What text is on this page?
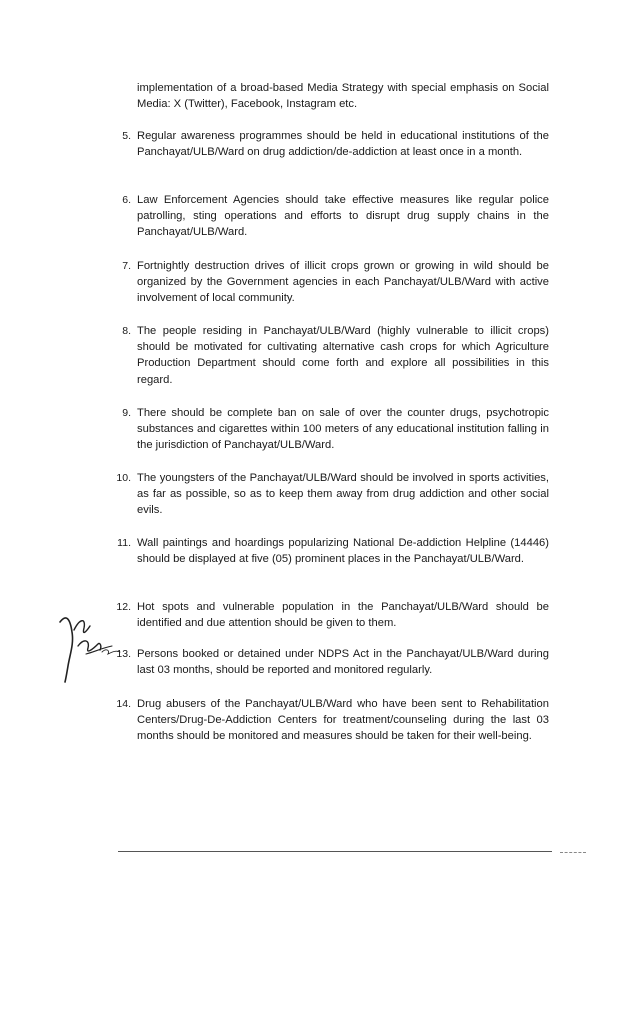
implementation of a broad-based Media Strategy with special emphasis on Social Media: X (Twitter), Facebook, Instagram etc.
5. Regular awareness programmes should be held in educational institutions of the Panchayat/ULB/Ward on drug addiction/de-addiction at least once in a month.
6. Law Enforcement Agencies should take effective measures like regular police patrolling, sting operations and efforts to disrupt drug supply chains in the Panchayat/ULB/Ward.
7. Fortnightly destruction drives of illicit crops grown or growing in wild should be organized by the Government agencies in each Panchayat/ULB/Ward with active involvement of local community.
8. The people residing in Panchayat/ULB/Ward (highly vulnerable to illicit crops) should be motivated for cultivating alternative cash crops for which Agriculture Production Department should come forth and explore all possibilities in this regard.
9. There should be complete ban on sale of over the counter drugs, psychotropic substances and cigarettes within 100 meters of any educational institution falling in the jurisdiction of Panchayat/ULB/Ward.
10. The youngsters of the Panchayat/ULB/Ward should be involved in sports activities, as far as possible, so as to keep them away from drug addiction and other social evils.
11. Wall paintings and hoardings popularizing National De-addiction Helpline (14446) should be displayed at five (05) prominent places in the Panchayat/ULB/Ward.
12. Hot spots and vulnerable population in the Panchayat/ULB/Ward should be identified and due attention should be given to them.
13. Persons booked or detained under NDPS Act in the Panchayat/ULB/Ward during last 03 months, should be reported and monitored regularly.
14. Drug abusers of the Panchayat/ULB/Ward who have been sent to Rehabilitation Centers/Drug-De-Addiction Centers for treatment/counseling during the last 03 months should be monitored and measures should be taken for their well-being.
